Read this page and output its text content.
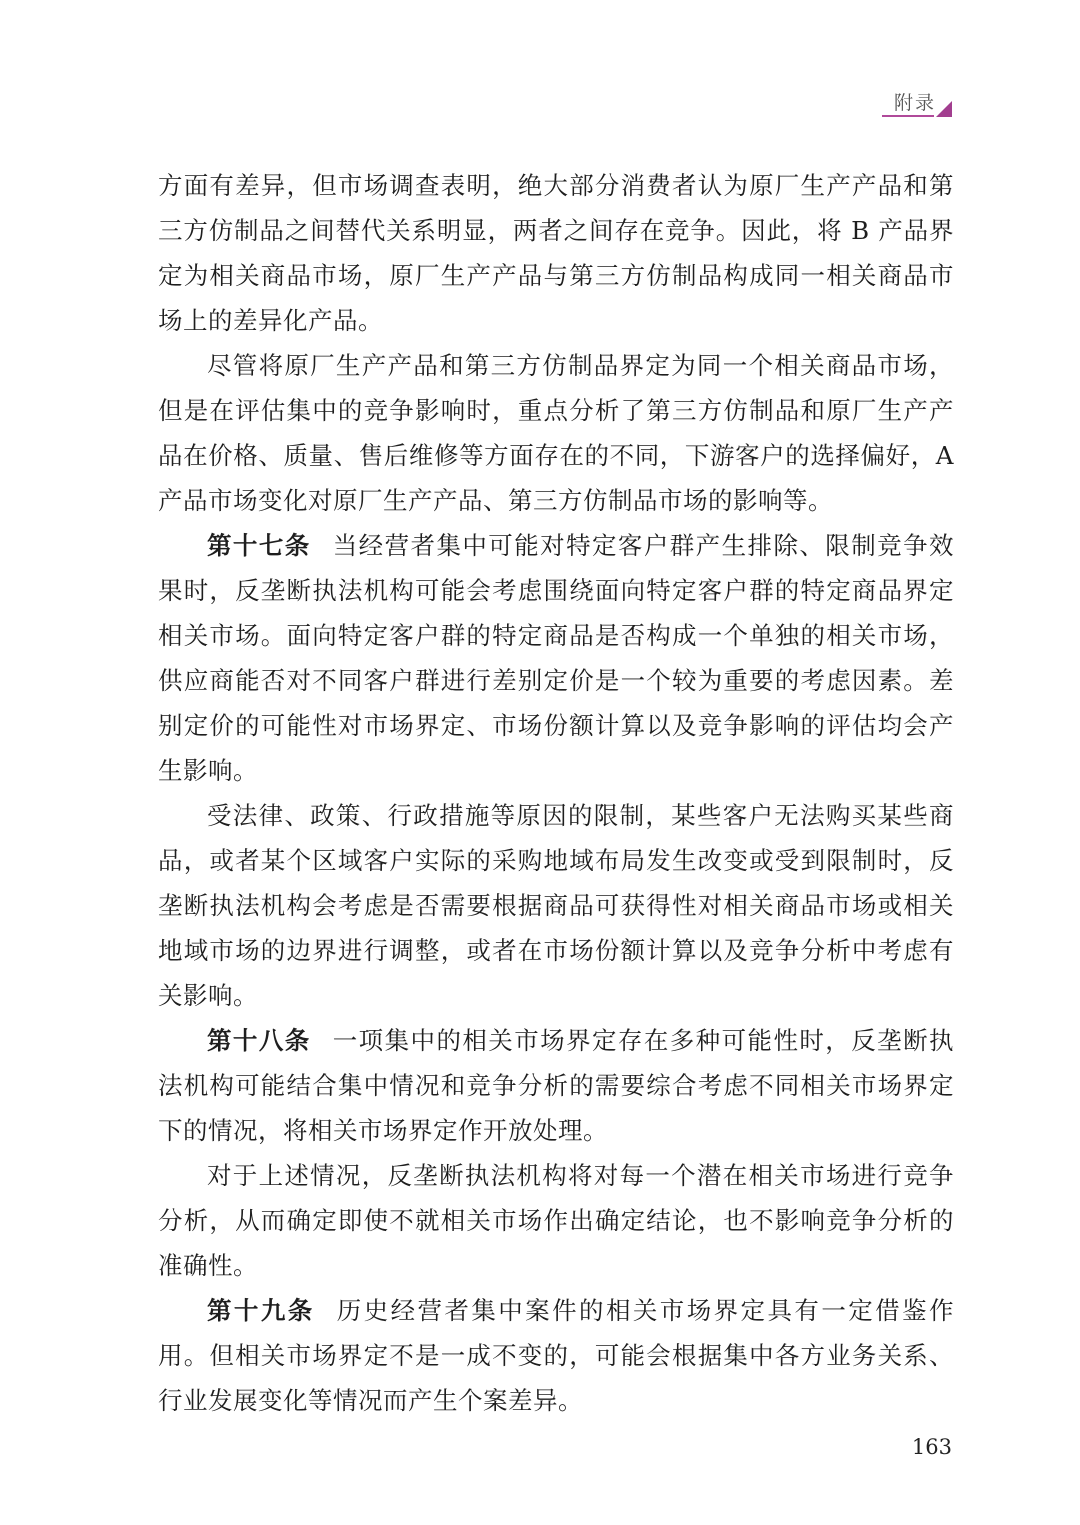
附录

方面有差异，但市场调查表明，绝大部分消费者认为原厂生产产品和第三方仿制品之间替代关系明显，两者之间存在竞争。因此，将 B 产品界定为相关商品市场，原厂生产产品与第三方仿制品构成同一相关商品市场上的差异化产品。

尽管将原厂生产产品和第三方仿制品界定为同一个相关商品市场，但是在评估集中的竞争影响时，重点分析了第三方仿制品和原厂生产产品在价格、质量、售后维修等方面存在的不同，下游客户的选择偏好，A 产品市场变化对原厂生产产品、第三方仿制品市场的影响等。

第十七条 当经营者集中可能对特定客户群产生排除、限制竞争效果时，反垄断执法机构可能会考虑围绕面向特定客户群的特定商品界定相关市场。面向特定客户群的特定商品是否构成一个单独的相关市场，供应商能否对不同客户群进行差别定价是一个较为重要的考虑因素。差别定价的可能性对市场界定、市场份额计算以及竞争影响的评估均会产生影响。

受法律、政策、行政措施等原因的限制，某些客户无法购买某些商品，或者某个区域客户实际的采购地域布局发生改变或受到限制时，反垄断执法机构会考虑是否需要根据商品可获得性对相关商品市场或相关地域市场的边界进行调整，或者在市场份额计算以及竞争分析中考虑有关影响。

第十八条 一项集中的相关市场界定存在多种可能性时，反垄断执法机构可能结合集中情况和竞争分析的需要综合考虑不同相关市场界定下的情况，将相关市场界定作开放处理。

对于上述情况，反垄断执法机构将对每一个潜在相关市场进行竞争分析，从而确定即使不就相关市场作出确定结论，也不影响竞争分析的准确性。

第十九条 历史经营者集中案件的相关市场界定具有一定借鉴作用。但相关市场界定不是一成不变的，可能会根据集中各方业务关系、行业发展变化等情况而产生个案差异。

163
